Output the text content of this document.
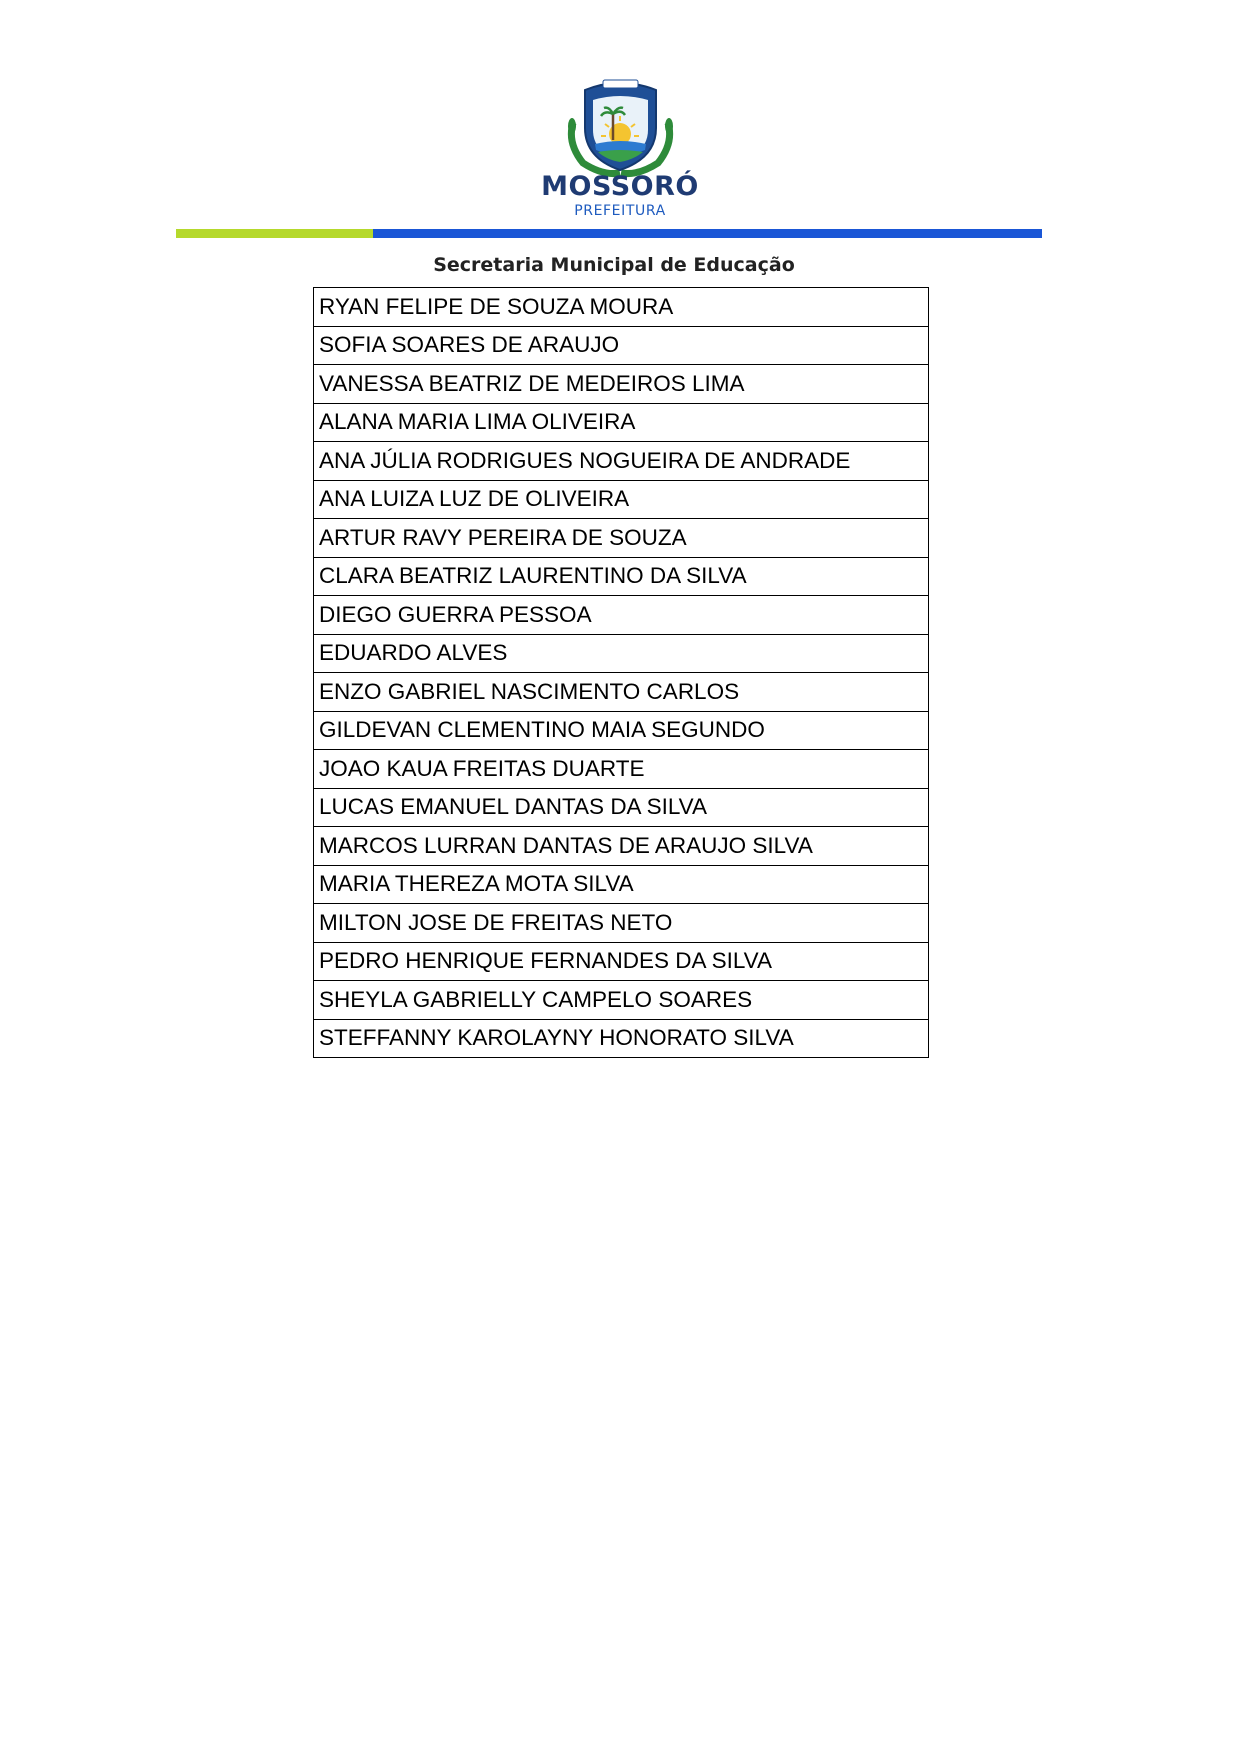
MOSSORÓ
PREFEITURA
Secretaria Municipal de Educação
RYAN FELIPE DE SOUZA MOURA
SOFIA SOARES DE ARAUJO
VANESSA BEATRIZ DE MEDEIROS LIMA
ALANA MARIA LIMA OLIVEIRA
ANA JÚLIA RODRIGUES NOGUEIRA DE ANDRADE
ANA LUIZA LUZ DE OLIVEIRA
ARTUR RAVY PEREIRA DE SOUZA
CLARA BEATRIZ LAURENTINO DA SILVA
DIEGO GUERRA PESSOA
EDUARDO ALVES
ENZO GABRIEL NASCIMENTO CARLOS
GILDEVAN CLEMENTINO MAIA SEGUNDO
JOAO KAUA FREITAS DUARTE
LUCAS EMANUEL DANTAS DA SILVA
MARCOS LURRAN DANTAS DE ARAUJO SILVA
MARIA THEREZA MOTA SILVA
MILTON JOSE DE FREITAS NETO
PEDRO HENRIQUE FERNANDES DA SILVA
SHEYLA GABRIELLY CAMPELO SOARES
STEFFANNY KAROLAYNY HONORATO SILVA
